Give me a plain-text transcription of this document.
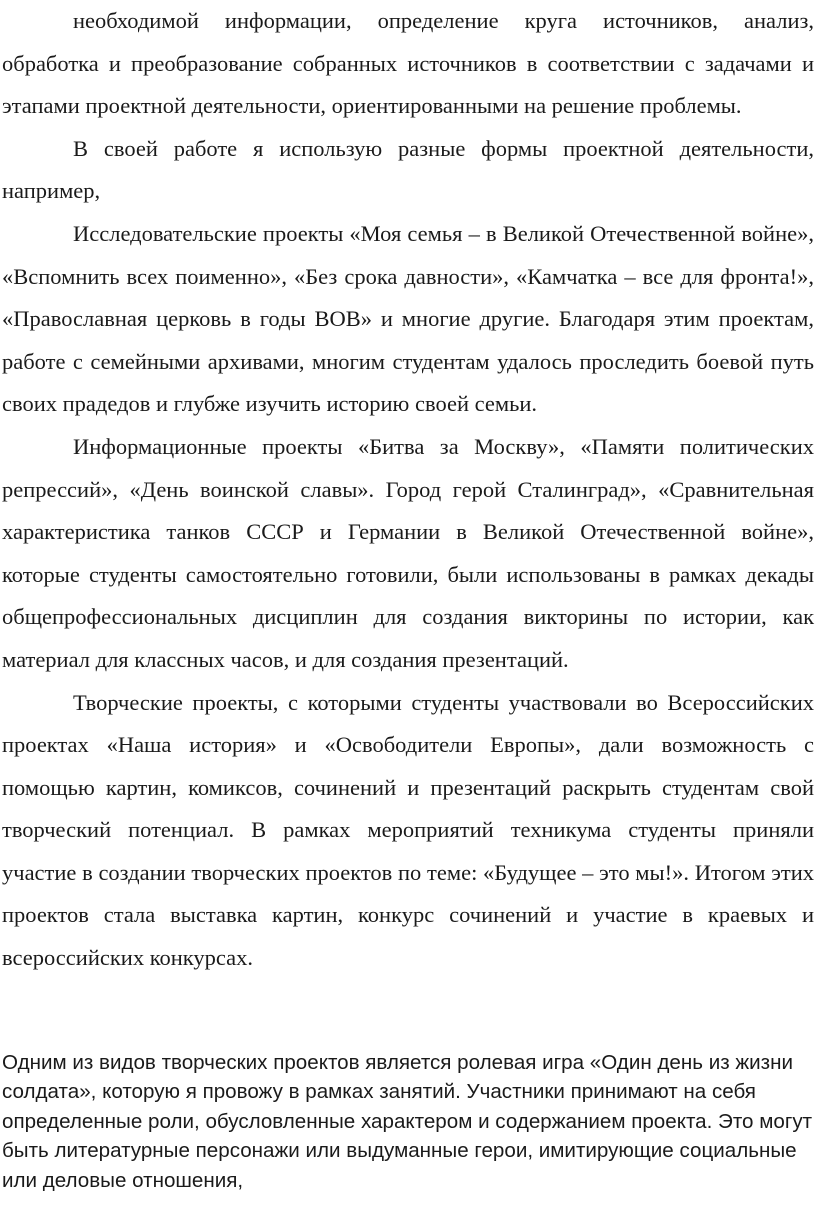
необходимой информации, определение круга источников, анализ, обработка и преобразование собранных источников в соответствии с задачами и этапами проектной деятельности, ориентированными на решение проблемы.

В своей работе я использую разные формы проектной деятельности, например,

Исследовательские проекты «Моя семья – в Великой Отечественной войне», «Вспомнить всех поименно», «Без срока давности», «Камчатка – все для фронта!», «Православная церковь в годы ВОВ» и многие другие. Благодаря этим проектам, работе с семейными архивами, многим студентам удалось проследить боевой путь своих прадедов и глубже изучить историю своей семьи.

Информационные проекты «Битва за Москву», «Памяти политических репрессий», «День воинской славы». Город герой Сталинград», «Сравнительная характеристика танков СССР и Германии в Великой Отечественной войне», которые студенты самостоятельно готовили, были использованы в рамках декады общепрофессиональных дисциплин для создания викторины по истории, как материал для классных часов, и для создания презентаций.

Творческие проекты, с которыми студенты участвовали во Всероссийских проектах «Наша история» и «Освободители Европы», дали возможность с помощью картин, комиксов, сочинений и презентаций раскрыть студентам свой творческий потенциал. В рамках мероприятий техникума студенты приняли участие в создании творческих проектов по теме: «Будущее – это мы!». Итогом этих проектов стала выставка картин, конкурс сочинений и участие в краевых и всероссийских конкурсах.

Одним из видов творческих проектов является ролевая игра «Один день из жизни солдата», которую я провожу в рамках занятий. Участники принимают на себя определенные роли, обусловленные характером и содержанием проекта. Это могут быть литературные персонажи или выдуманные герои, имитирующие социальные или деловые отношения,
